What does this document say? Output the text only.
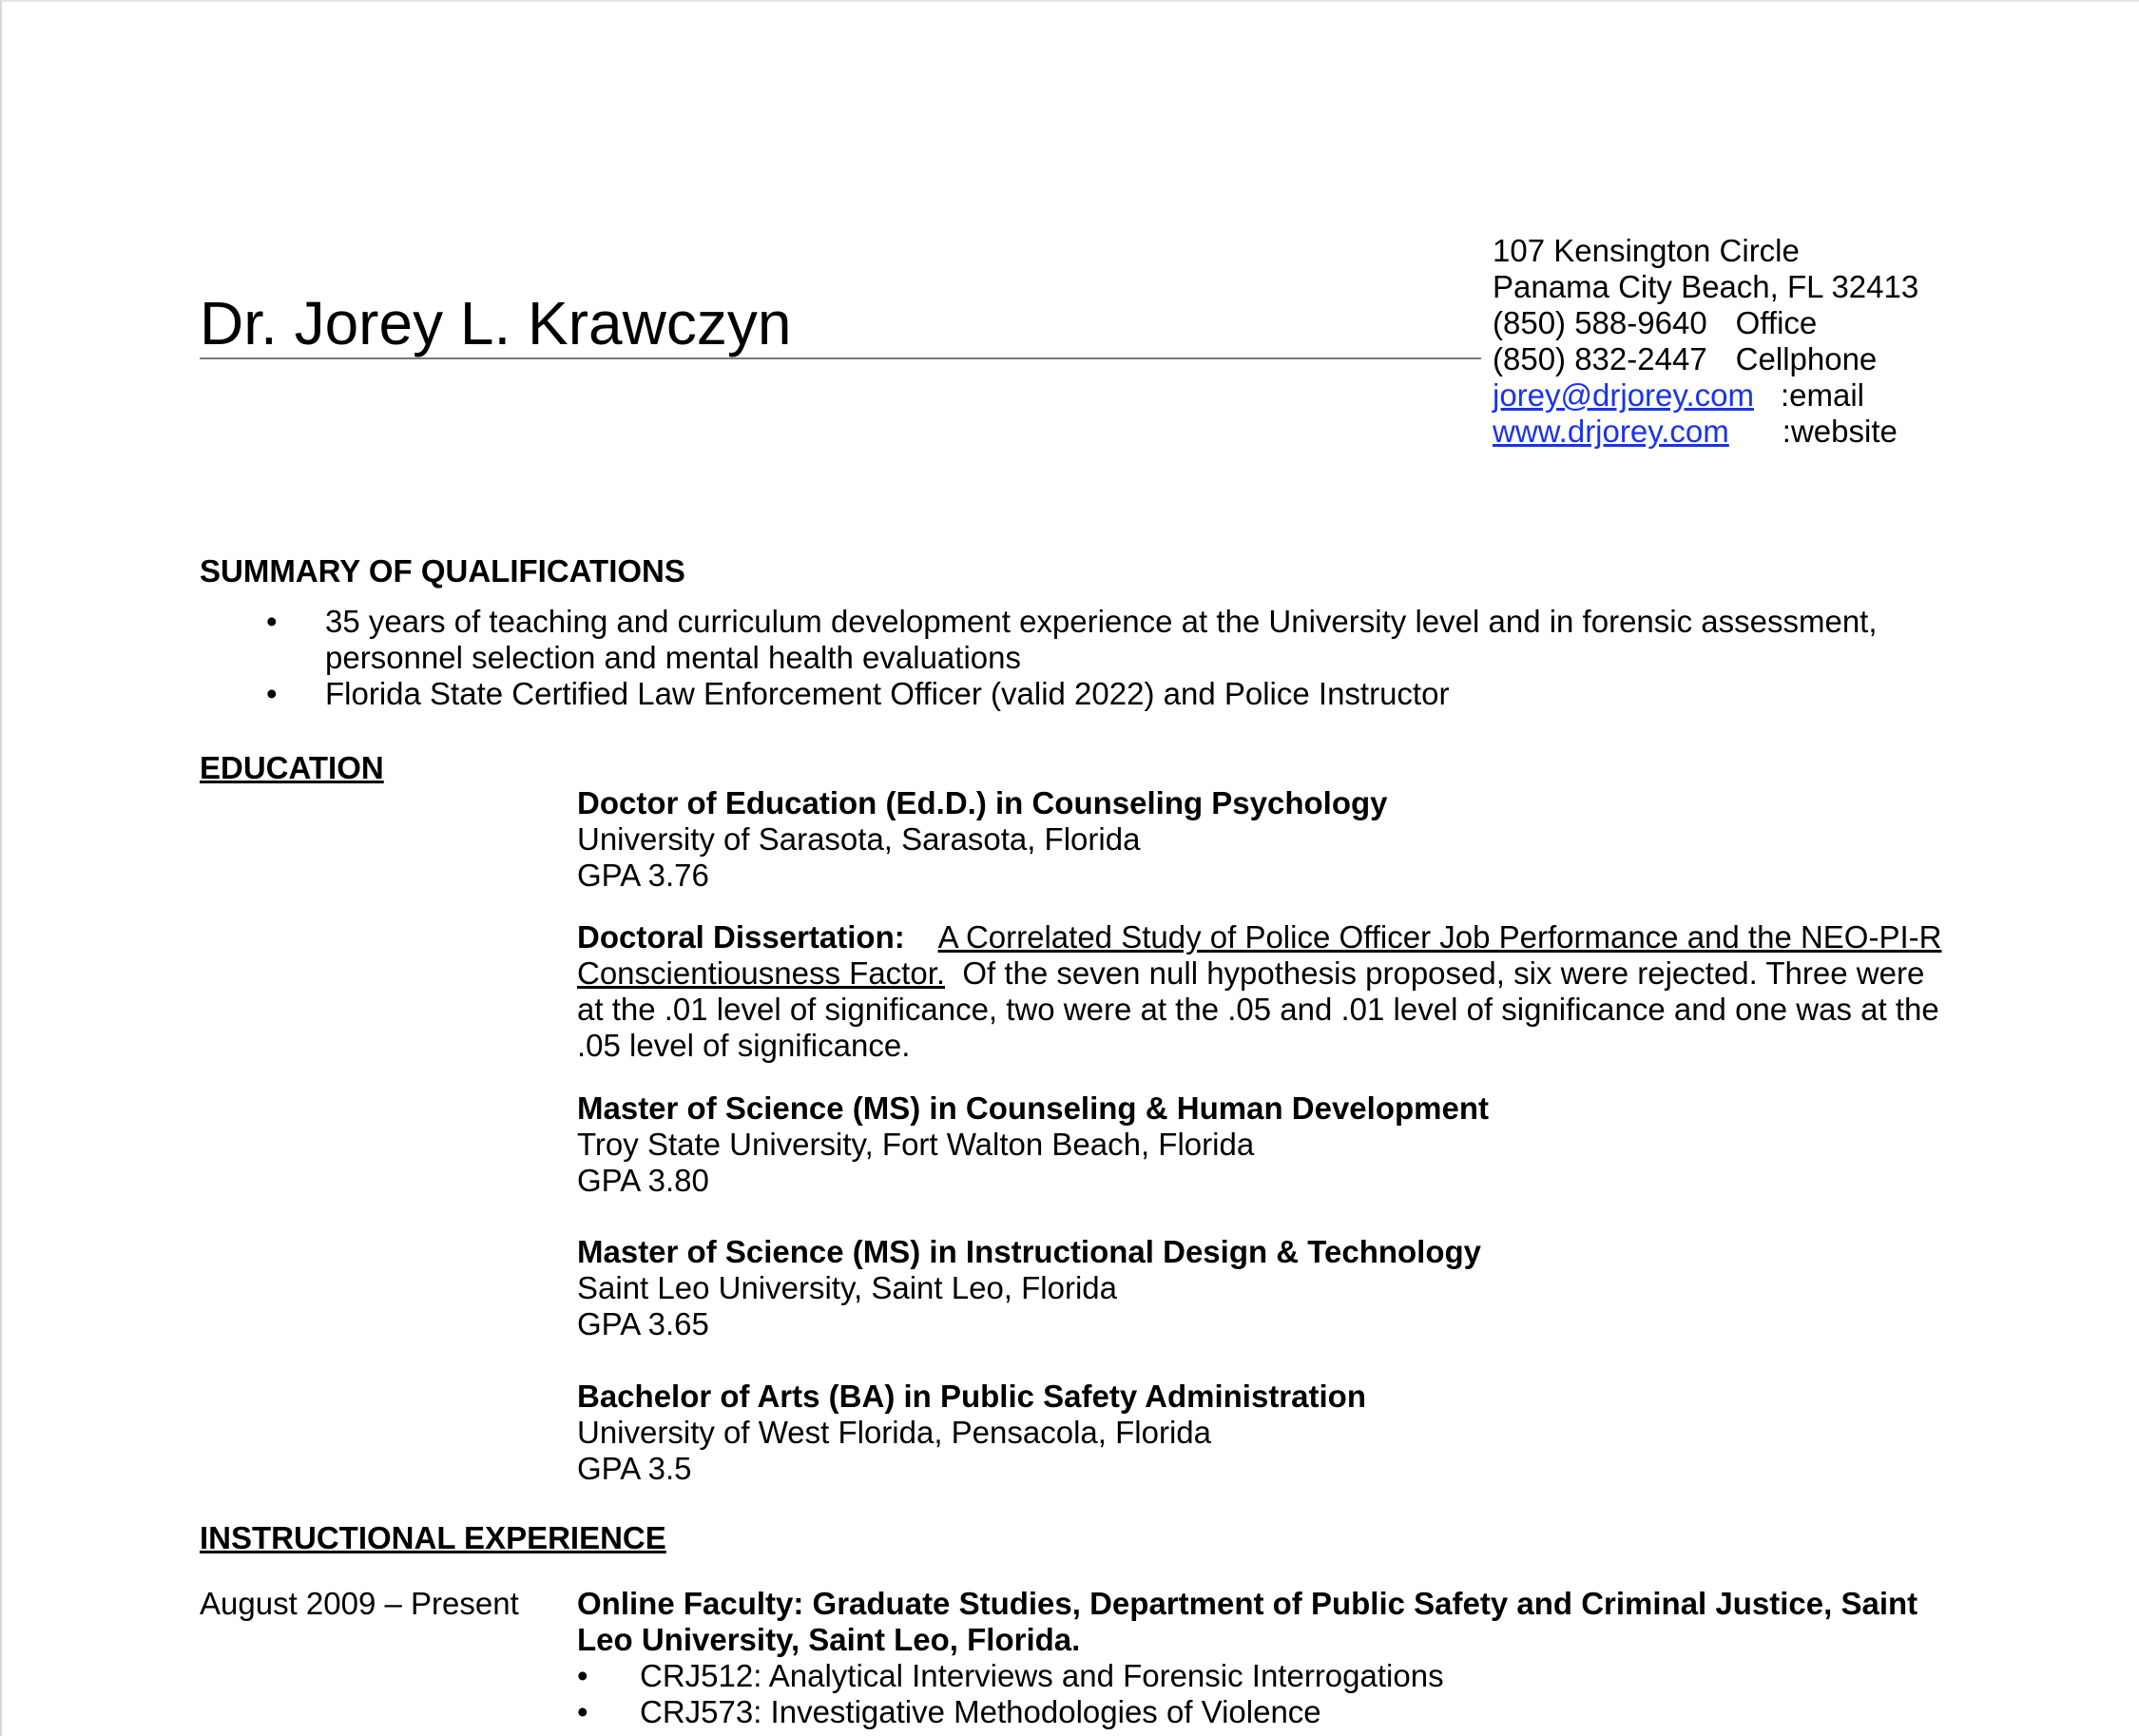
Dr. Jorey L. Krawczyn
107 Kensington Circle
Panama City Beach, FL 32413
(850) 588-9640 Office
(850) 832-2447 Cellphone
jorey@drjorey.com :email
www.drjorey.com :website
SUMMARY OF QUALIFICATIONS
• 35 years of teaching and curriculum development experience at the University level and in forensic assessment, personnel selection and mental health evaluations
• Florida State Certified Law Enforcement Officer (valid 2022) and Police Instructor
EDUCATION
Doctor of Education (Ed.D.) in Counseling Psychology
University of Sarasota, Sarasota, Florida
GPA 3.76
Doctoral Dissertation: A Correlated Study of Police Officer Job Performance and the NEO-PI-R Conscientiousness Factor. Of the seven null hypothesis proposed, six were rejected. Three were at the .01 level of significance, two were at the .05 and .01 level of significance and one was at the .05 level of significance.
Master of Science (MS) in Counseling & Human Development
Troy State University, Fort Walton Beach, Florida
GPA 3.80
Master of Science (MS) in Instructional Design & Technology
Saint Leo University, Saint Leo, Florida
GPA 3.65
Bachelor of Arts (BA) in Public Safety Administration
University of West Florida, Pensacola, Florida
GPA 3.5
INSTRUCTIONAL EXPERIENCE
August 2009 – Present Online Faculty: Graduate Studies, Department of Public Safety and Criminal Justice, Saint Leo University, Saint Leo, Florida.
• CRJ512: Analytical Interviews and Forensic Interrogations
• CRJ573: Investigative Methodologies of Violence
